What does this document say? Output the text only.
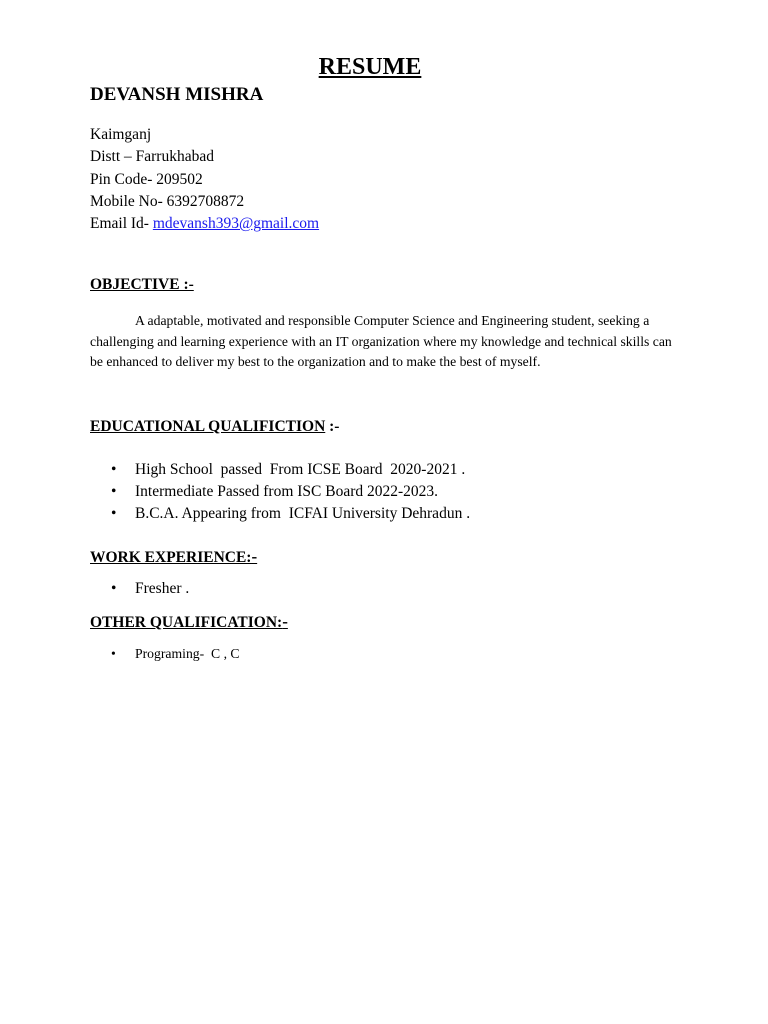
RESUME
DEVANSH MISHRA
Kaimganj
Distt – Farrukhabad
Pin Code- 209502
Mobile No- 6392708872
Email Id- mdevansh393@gmail.com
OBJECTIVE :-
A adaptable, motivated and responsible Computer Science and Engineering student, seeking a challenging and learning experience with an IT organization where my knowledge and technical skills can be enhanced to deliver my best to the organization and to make the best of myself.
EDUCATIONAL QUALIFICTION :-
• High School  passed  From ICSE Board  2020-2021 .
• Intermediate Passed from ISC Board 2022-2023.
• B.C.A. Appearing from  ICFAI University Dehradun .
WORK EXPERIENCE:-
• Fresher .
OTHER QUALIFICATION:-
• Programing-  C , C
